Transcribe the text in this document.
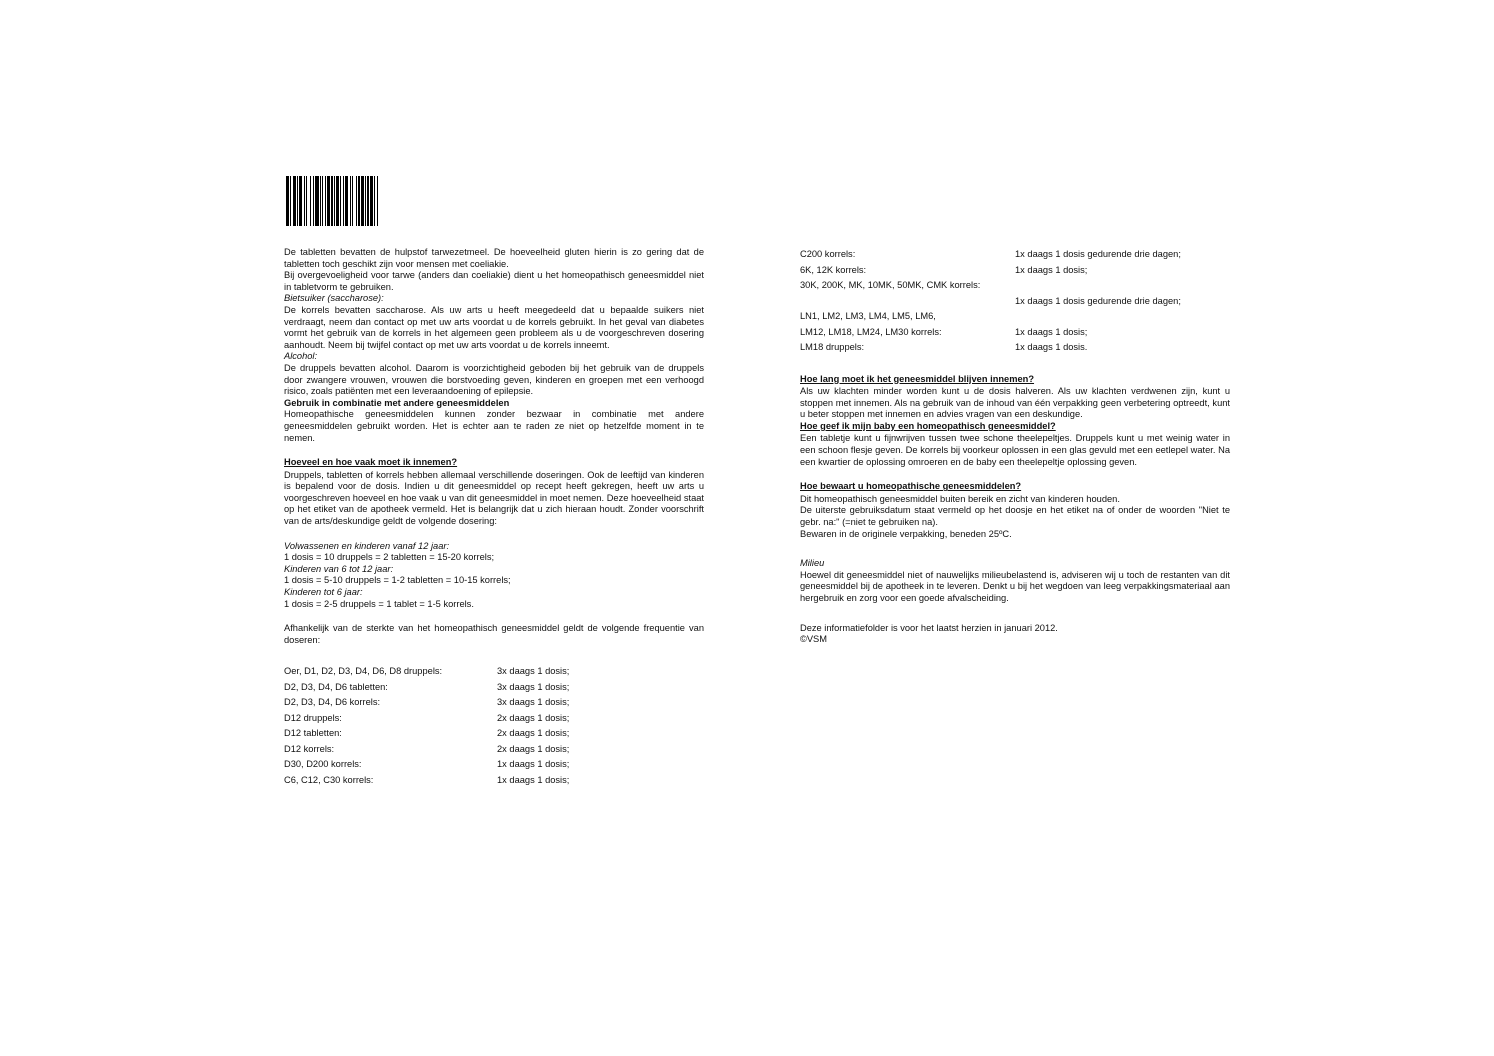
De tabletten bevatten de hulpstof tarwezetmeel. De hoeveelheid gluten hierin is zo gering dat de tabletten toch geschikt zijn voor mensen met coeliakie.

Bij overgevoeligheid voor tarwe (anders dan coeliakie) dient u het homeopathisch geneesmiddel niet in tabletvorm te gebruiken.

Bietsuiker (saccharose):

De korrels bevatten saccharose. Als uw arts u heeft meegedeeld dat u bepaalde suikers niet verdraagt, neem dan contact op met uw arts voordat u de korrels gebruikt. In het geval van diabetes vormt het gebruik van de korrels in het algemeen geen probleem als u de voorgeschreven dosering aanhoudt. Neem bij twijfel contact op met uw arts voordat u de korrels inneemt.

Alcohol:

De druppels bevatten alcohol. Daarom is voorzichtigheid geboden bij het gebruik van de druppels door zwangere vrouwen, vrouwen die borstvoeding geven, kinderen en groepen met een verhoogd risico, zoals patiënten met een leveraandoening of epilepsie.

Gebruik in combinatie met andere geneesmiddelen

Homeopathische geneesmiddelen kunnen zonder bezwaar in combinatie met andere geneesmiddelen gebruikt worden. Het is echter aan te raden ze niet op hetzelfde moment in te nemen.

Hoeveel en hoe vaak moet ik innemen?

Druppels, tabletten of korrels hebben allemaal verschillende doseringen. Ook de leeftijd van kinderen is bepalend voor de dosis. Indien u dit geneesmiddel op recept heeft gekregen, heeft uw arts u voorgeschreven hoeveel en hoe vaak u van dit geneesmiddel in moet nemen. Deze hoeveelheid staat op het etiket van de apotheek vermeld. Het is belangrijk dat u zich hieraan houdt. Zonder voorschrift van de arts/deskundige geldt de volgende dosering:

Volwassenen en kinderen vanaf 12 jaar:
1 dosis = 10 druppels = 2 tabletten = 15-20 korrels;
Kinderen van 6 tot 12 jaar:
1 dosis = 5-10 druppels = 1-2 tabletten = 10-15 korrels;
Kinderen tot 6 jaar:
1 dosis = 2-5 druppels = 1 tablet = 1-5 korrels.

Afhankelijk van de sterkte van het homeopathisch geneesmiddel geldt de volgende frequentie van doseren:

Oer, D1, D2, D3, D4, D6, D8 druppels:	3x daags 1 dosis;
D2, D3, D4, D6 tabletten:	3x daags 1 dosis;
D2, D3, D4, D6 korrels:	3x daags 1 dosis;
D12 druppels:	2x daags 1 dosis;
D12 tabletten:	2x daags 1 dosis;
D12 korrels:	2x daags 1 dosis;
D30, D200 korrels:	1x daags 1 dosis;
C6, C12, C30 korrels:	1x daags 1 dosis;
C200 korrels:	1x daags 1 dosis gedurende drie dagen;
6K, 12K korrels:	1x daags 1 dosis;
30K, 200K, MK, 10MK, 50MK, CMK korrels:
1x daags 1 dosis gedurende drie dagen;
LN1, LM2, LM3, LM4, LM5, LM6,
LM12, LM18, LM24, LM30 korrels:	1x daags 1 dosis;
LM18 druppels:	1x daags 1 dosis.
Hoe lang moet ik het geneesmiddel blijven innemen?

Als uw klachten minder worden kunt u de dosis halveren. Als uw klachten verdwenen zijn, kunt u stoppen met innemen. Als na gebruik van de inhoud van één verpakking geen verbetering optreedt, kunt u beter stoppen met innemen en advies vragen van een deskundige.

Hoe geef ik mijn baby een homeopathisch geneesmiddel?

Een tabletje kunt u fijnwrijven tussen twee schone theelepeltjes. Druppels kunt u met weinig water in een schoon flesje geven. De korrels bij voorkeur oplossen in een glas gevuld met een eetlepel water. Na een kwartier de oplossing omroeren en de baby een theelepeltje oplossing geven.

Hoe bewaart u homeopathische geneesmiddelen?
Dit homeopathisch geneesmiddel buiten bereik en zicht van kinderen houden.

De uiterste gebruiksdatum staat vermeld op het doosje en het etiket na of onder de woorden "Niet te gebr. na:" (=niet te gebruiken na).

Bewaren in de originele verpakking, beneden 25ºC.
Milieu

Hoewel dit geneesmiddel niet of nauwelijks milieubelastend is, adviseren wij u toch de restanten van dit geneesmiddel bij de apotheek in te leveren. Denkt u bij het wegdoen van leeg verpakkingsmateriaal aan hergebruik en zorg voor een goede afvalscheiding.

Deze informatiefolder is voor het laatst herzien in januari 2012.
©VSM
